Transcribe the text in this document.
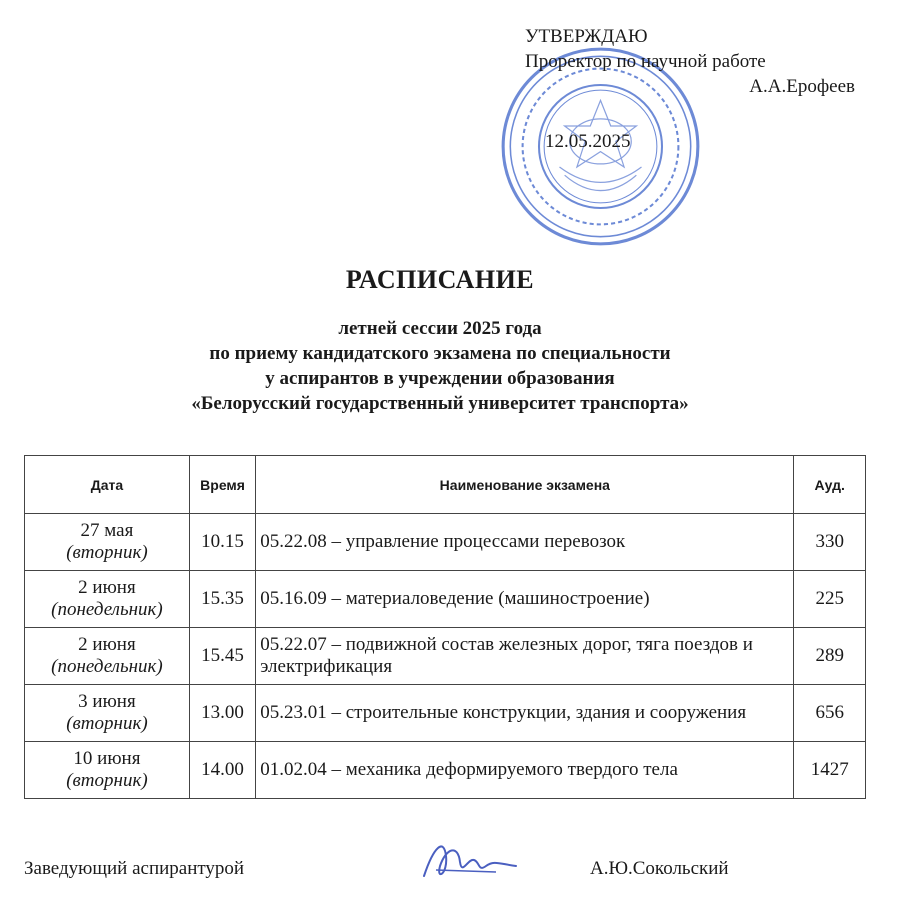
УТВЕРЖДАЮ
Проректор по научной работе
А.А.Ерофеев
12.05.2025
РАСПИСАНИЕ
летней сессии 2025 года
по приему кандидатского экзамена по специальности
у аспирантов в учреждении образования
«Белорусский государственный университет транспорта»
Дата	Время	Наименование экзамена	Ауд.

27 мая
(вторник)	10.15	05.22.08 – управление процессами перевозок	330

2 июня
(понедельник)	15.35	05.16.09 – материаловедение (машиностроение)	225

2 июня
(понедельник)	15.45	05.22.07 – подвижной состав железных дорог, тяга поездов и электрификация	289

3 июня
(вторник)	13.00	05.23.01 – строительные конструкции, здания и сооружения	656

10 июня
(вторник)	14.00	01.02.04 – механика деформируемого твердого тела	1427
Заведующий аспирантурой	А.Ю.Сокольский
